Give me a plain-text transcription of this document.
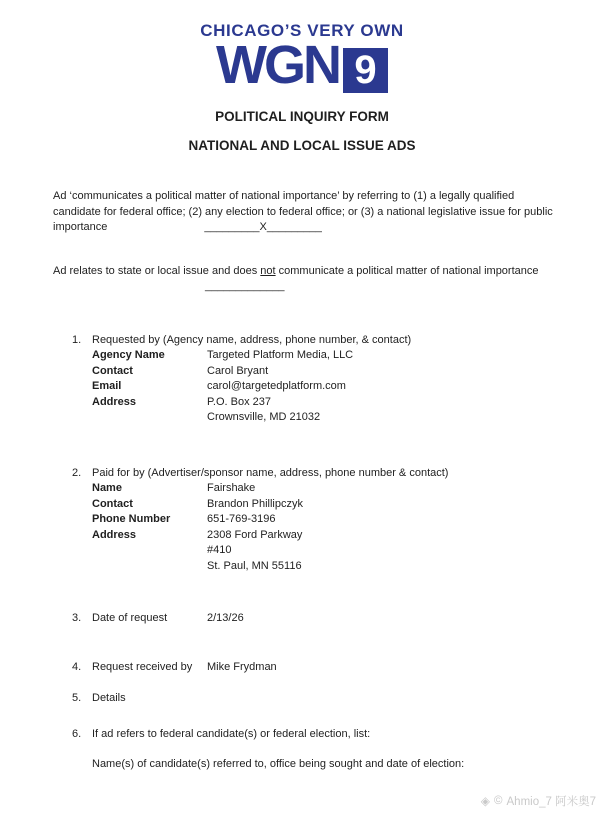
CHICAGO’S VERY OWN
WGN 9
POLITICAL INQUIRY FORM
NATIONAL AND LOCAL ISSUE ADS
Ad ‘communicates a political matter of national importance’ by referring to (1) a legally qualified
candidate for federal office; (2) any election to federal office; or (3) a national legislative issue for public
importance	_________X_________
Ad relates to state or local issue and does not communicate a political matter of national importance
_____________
1. Requested by (Agency name, address, phone number, & contact)
Agency Name	Targeted Platform Media, LLC
Contact	Carol Bryant
Email	carol@targetedplatform.com
Address	P.O. Box 237
Crownsville, MD 21032
2. Paid for by (Advertiser/sponsor name, address, phone number & contact)
Name	Fairshake
Contact	Brandon Phillipczyk
Phone Number	651-769-3196
Address	2308 Ford Parkway
#410
St. Paul, MN 55116
3. Date of request	2/13/26
4. Request received by	Mike Frydman
5. Details
6. If ad refers to federal candidate(s) or federal election, list:
Name(s) of candidate(s) referred to, office being sought and date of election:
◈ © Ahmio_7 阿米奥7
